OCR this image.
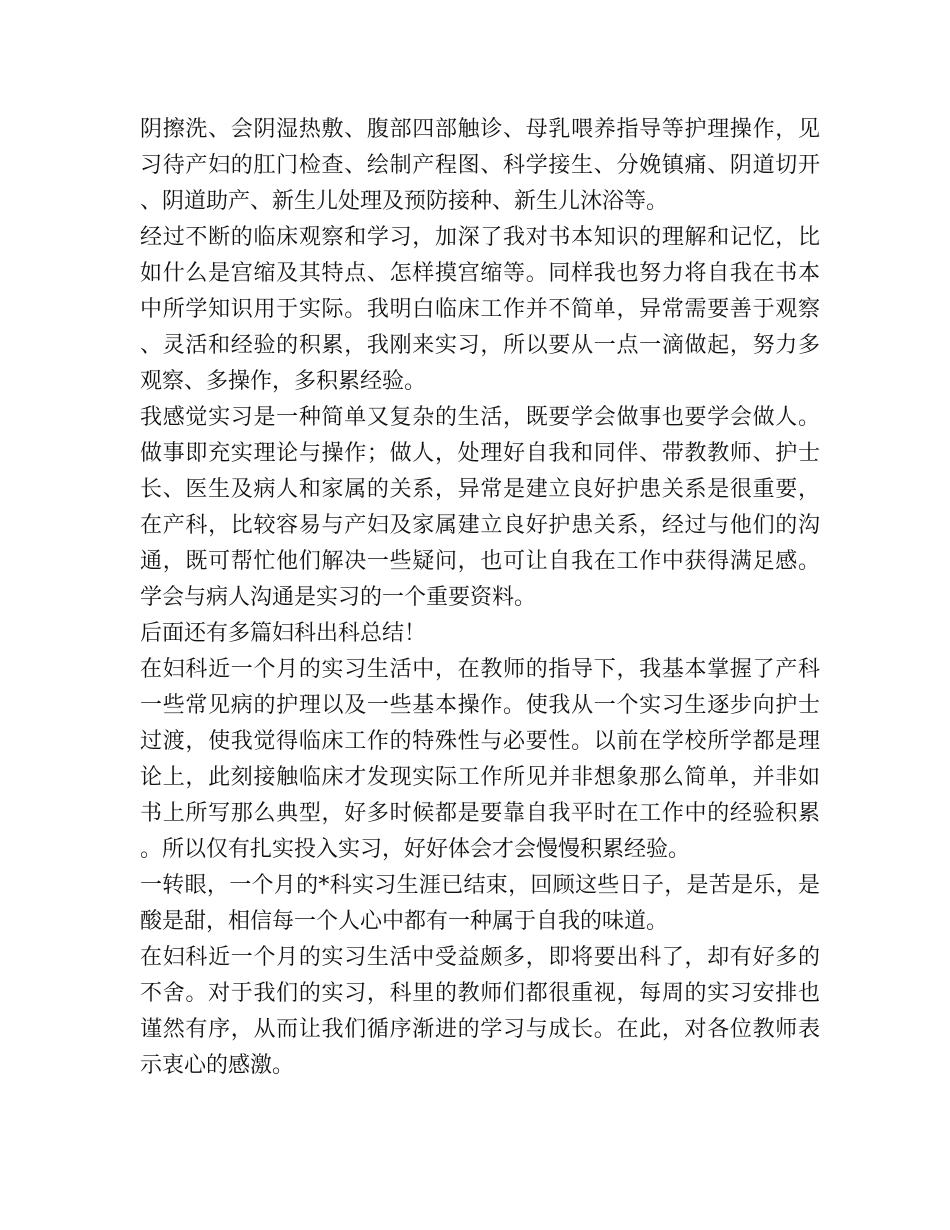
阴擦洗、会阴湿热敷、腹部四部触诊、母乳喂养指导等护理操作，见习待产妇的肛门检查、绘制产程图、科学接生、分娩镇痛、阴道切开、阴道助产、新生儿处理及预防接种、新生儿沐浴等。

经过不断的临床观察和学习，加深了我对书本知识的理解和记忆，比如什么是宫缩及其特点、怎样摸宫缩等。同样我也努力将自我在书本中所学知识用于实际。我明白临床工作并不简单，异常需要善于观察、灵活和经验的积累，我刚来实习，所以要从一点一滴做起，努力多观察、多操作，多积累经验。

我感觉实习是一种简单又复杂的生活，既要学会做事也要学会做人。做事即充实理论与操作；做人，处理好自我和同伴、带教教师、护士长、医生及病人和家属的关系，异常是建立良好护患关系是很重要，在产科，比较容易与产妇及家属建立良好护患关系，经过与他们的沟通，既可帮忙他们解决一些疑问，也可让自我在工作中获得满足感。学会与病人沟通是实习的一个重要资料。

后面还有多篇妇科出科总结！

在妇科近一个月的实习生活中，在教师的指导下，我基本掌握了产科一些常见病的护理以及一些基本操作。使我从一个实习生逐步向护士过渡，使我觉得临床工作的特殊性与必要性。以前在学校所学都是理论上，此刻接触临床才发现实际工作所见并非想象那么简单，并非如书上所写那么典型，好多时候都是要靠自我平时在工作中的经验积累。所以仅有扎实投入实习，好好体会才会慢慢积累经验。

一转眼，一个月的*科实习生涯已结束，回顾这些日子，是苦是乐，是酸是甜，相信每一个人心中都有一种属于自我的味道。

在妇科近一个月的实习生活中受益颇多，即将要出科了，却有好多的不舍。对于我们的实习，科里的教师们都很重视，每周的实习安排也谨然有序，从而让我们循序渐进的学习与成长。在此，对各位教师表示衷心的感激。
